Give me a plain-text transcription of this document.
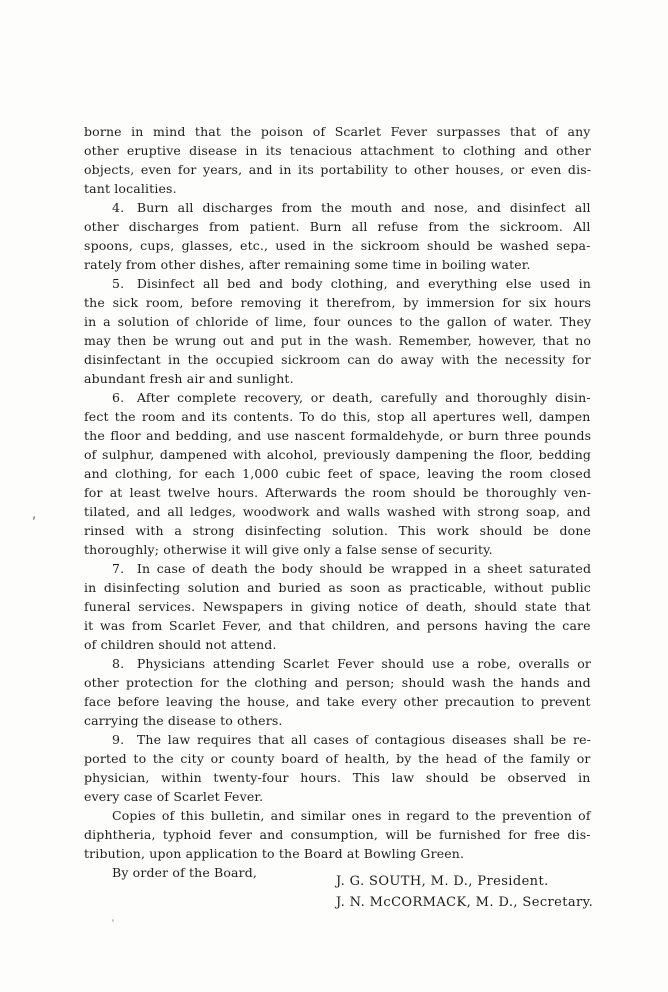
borne in mind that the poison of Scarlet Fever surpasses that of any
other eruptive disease in its tenacious attachment to clothing and other
objects, even for years, and in its portability to other houses, or even dis-
tant localities.
4. Burn all discharges from the mouth and nose, and disinfect all
other discharges from patient. Burn all refuse from the sickroom. All
spoons, cups, glasses, etc., used in the sickroom should be washed sepa-
rately from other dishes, after remaining some time in boiling water.
5. Disinfect all bed and body clothing, and everything else used in
the sick room, before removing it therefrom, by immersion for six hours
in a solution of chloride of lime, four ounces to the gallon of water. They
may then be wrung out and put in the wash. Remember, however, that no
disinfectant in the occupied sickroom can do away with the necessity for
abundant fresh air and sunlight.
6. After complete recovery, or death, carefully and thoroughly disin-
fect the room and its contents. To do this, stop all apertures well, dampen
the floor and bedding, and use nascent formaldehyde, or burn three pounds
of sulphur, dampened with alcohol, previously dampening the floor, bedding
and clothing, for each 1,000 cubic feet of space, leaving the room closed
for at least twelve hours. Afterwards the room should be thoroughly ven-
tilated, and all ledges, woodwork and walls washed with strong soap, and
rinsed with a strong disinfecting solution. This work should be done
thoroughly; otherwise it will give only a false sense of security.
7. In case of death the body should be wrapped in a sheet saturated
in disinfecting solution and buried as soon as practicable, without public
funeral services. Newspapers in giving notice of death, should state that
it was from Scarlet Fever, and that children, and persons having the care
of children should not attend.
8. Physicians attending Scarlet Fever should use a robe, overalls or
other protection for the clothing and person; should wash the hands and
face before leaving the house, and take every other precaution to prevent
carrying the disease to others.
9. The law requires that all cases of contagious diseases shall be re-
ported to the city or county board of health, by the head of the family or
physician, within twenty-four hours. This law should be observed in
every case of Scarlet Fever.
Copies of this bulletin, and similar ones in regard to the prevention of
diphtheria, typhoid fever and consumption, will be furnished for free dis-
tribution, upon application to the Board at Bowling Green.
By order of the Board,
J. G. SOUTH, M. D., President.
J. N. McCORMACK, M. D., Secretary.
